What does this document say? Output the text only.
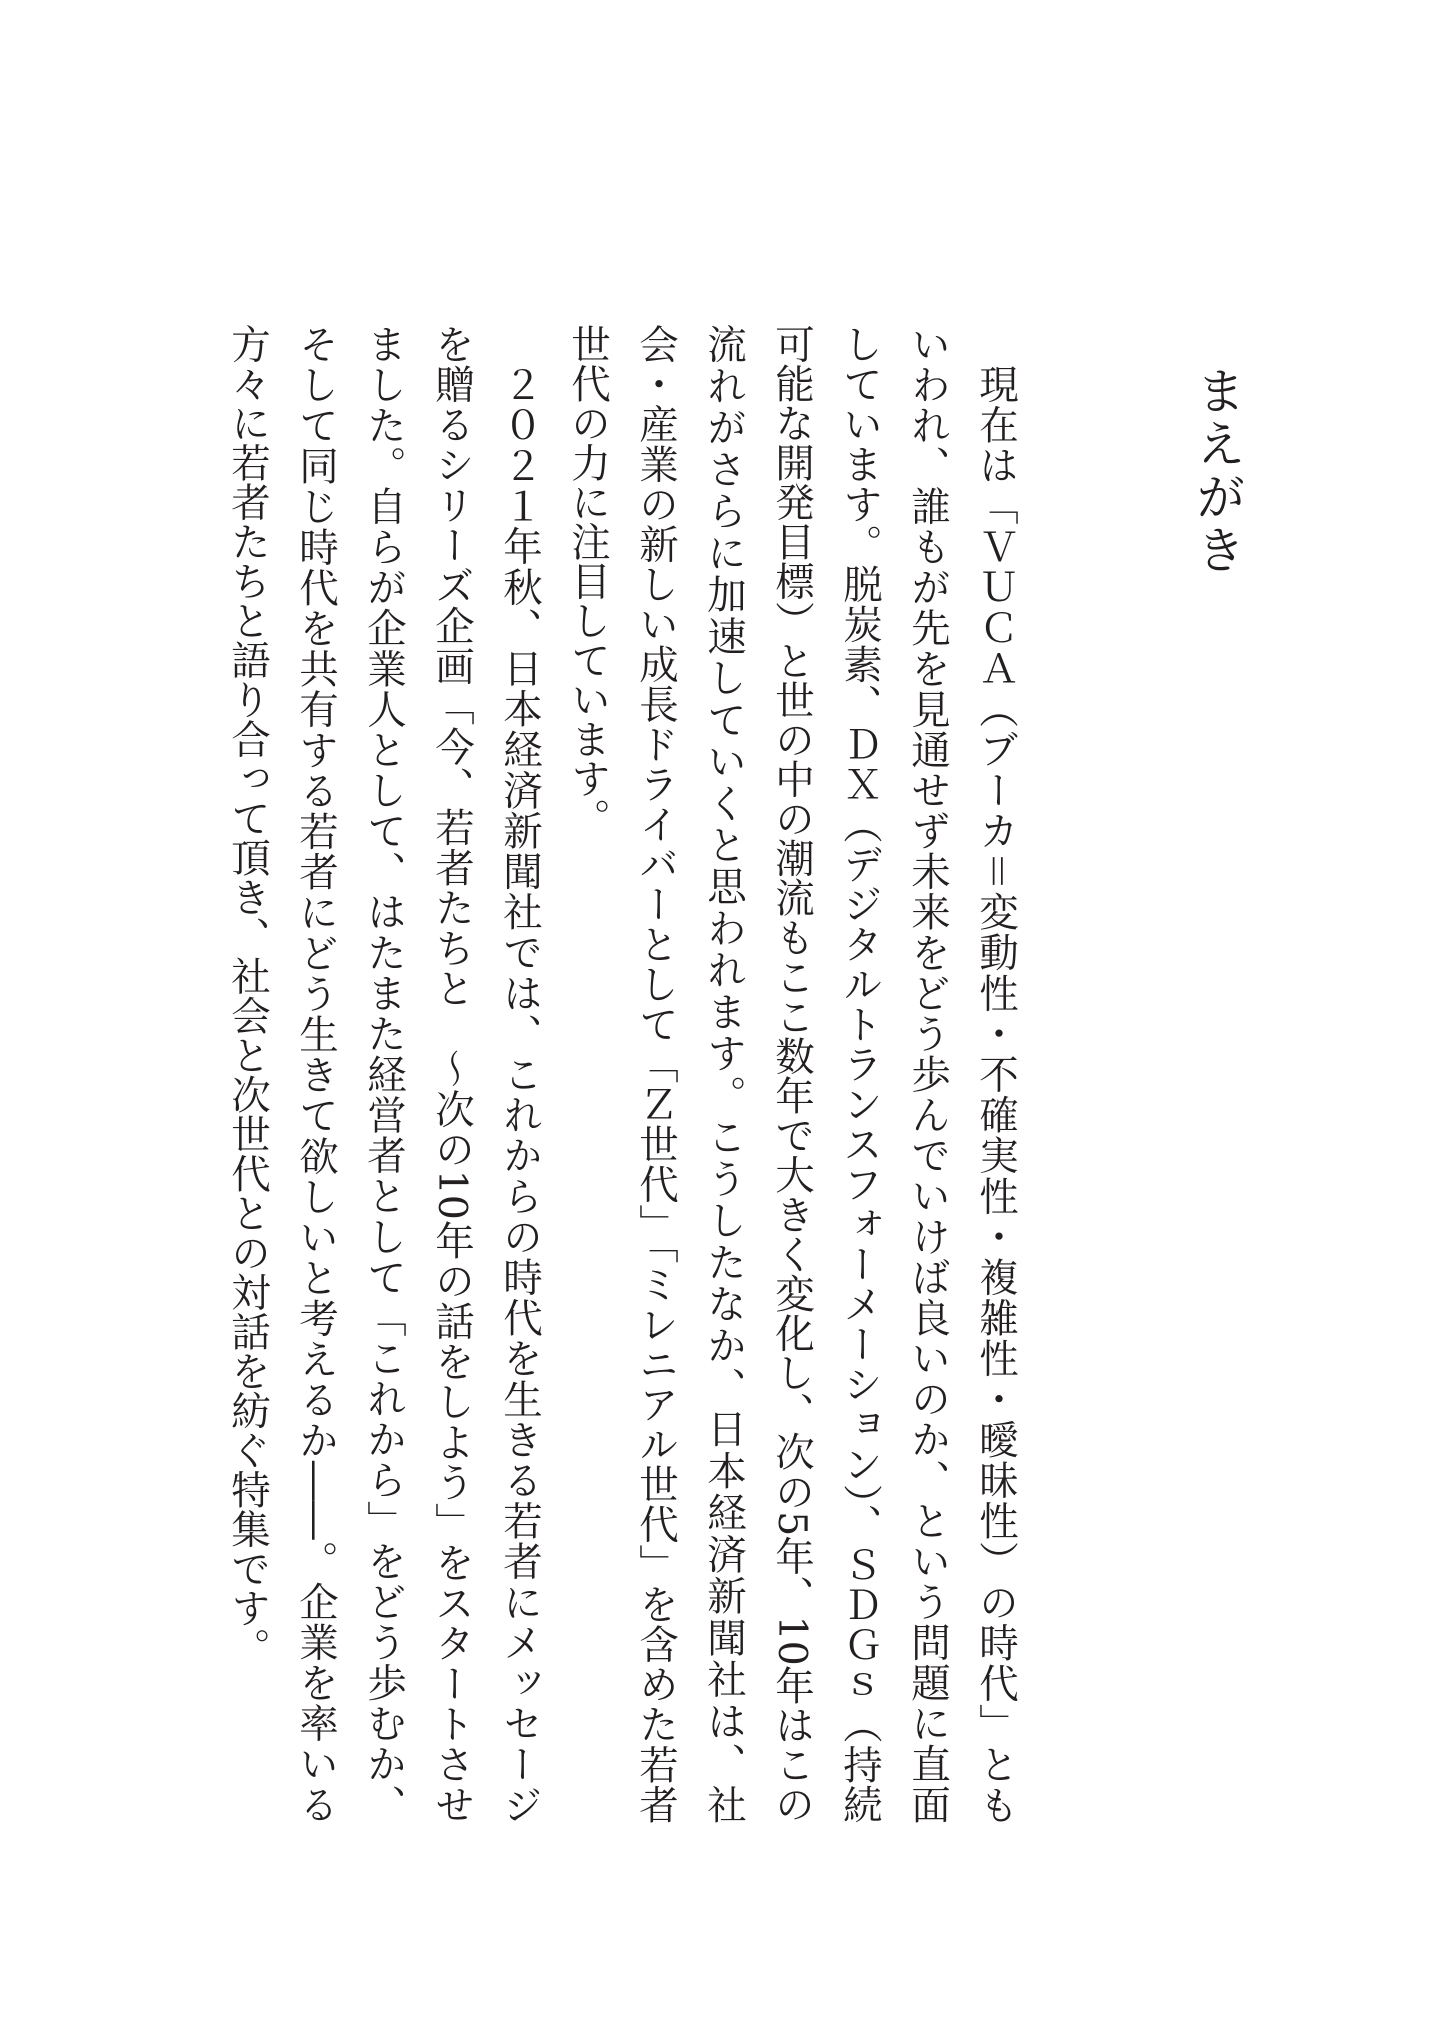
まえがき

現在は「ＶＵＣＡ（ブーカ＝変動性・不確実性・複雑性・曖昧性）の時代」ともいわれ、誰もが先を見通せず未来をどう歩んでいけば良いのか、という問題に直面しています。脱炭素、ＤＸ（デジタルトランスフォーメーション）、ＳＤＧｓ（持続可能な開発目標）と世の中の潮流もここ数年で大きく変化し、次の5年、10年はこの流れがさらに加速していくと思われます。こうしたなか、日本経済新聞社は、社会・産業の新しい成長ドライバーとして「Ｚ世代」「ミレニアル世代」を含めた若者世代の力に注目しています。

２０２１年秋、日本経済新聞社では、これからの時代を生きる若者にメッセージを贈るシリーズ企画「今、若者たちと　～次の10年の話をしよう」をスタートさせました。自らが企業人として、はたまた経営者として「これから」をどう歩むか、そして同じ時代を共有する若者にどう生きて欲しいと考えるか――。企業を率いる方々に若者たちと語り合って頂き、社会と次世代との対話を紡ぐ特集です。
